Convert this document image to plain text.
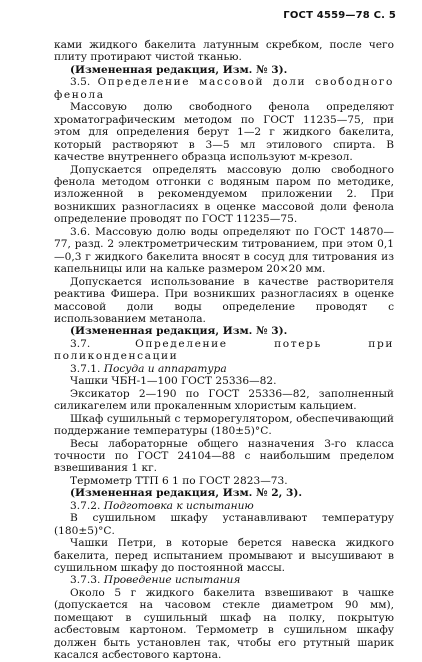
ГОСТ 4559—78 С. 5

ками жидкого бакелита латунным скребком, после чего плиту протирают чистой тканью.

(Измененная редакция, Изм. № 3).

3.5. Определение массовой доли свободного фенола

Массовую долю свободного фенола определяют хроматографическим методом по ГОСТ 11235—75, при этом для определения берут 1—2 г жидкого бакелита, который растворяют в 3—5 мл этилового спирта. В качестве внутреннего образца используют м-крезол.

Допускается определять массовую долю свободного фенола методом отгонки с водяным паром по методике, изложенной в рекомендуемом приложении 2. При возникших разногласиях в оценке массовой доли фенола определение проводят по ГОСТ 11235—75.

3.6. Массовую долю воды определяют по ГОСТ 14870—77, разд. 2 электрометрическим титрованием, при этом 0,1—0,3 г жидкого бакелита вносят в сосуд для титрования из капельницы или на кальке размером 20×20 мм.

Допускается использование в качестве растворителя реактива Фишера. При возникших разногласиях в оценке массовой доли воды определение проводят с использованием метанола.

(Измененная редакция, Изм. № 3).

3.7.	Определение потерь при поликонденсации

3.7.1. Посуда и аппаратура

Чашки ЧБН-1—100 ГОСТ 25336—82.

Эксикатор 2—190 по ГОСТ 25336—82, заполненный силикагелем или прокаленным хлористым кальцием.

Шкаф сушильный с терморегулятором, обеспечивающий поддержание температуры (180±5)°С.

Весы лабораторные общего назначения 3-го класса точности по ГОСТ 24104—88 с наибольшим пределом взвешивания 1 кг.

Термометр ТТП 6 1 по ГОСТ 2823—73.

(Измененная редакция, Изм. № 2, 3).

3.7.2. Подготовка к испытанию

В сушильном шкафу устанавливают температуру (180±5)°С.

Чашки Петри, в которые берется навеска жидкого бакелита, перед испытанием промывают и высушивают в сушильном шкафу до постоянной массы.

3.7.3. Проведение испытания

Около 5 г жидкого бакелита взвешивают в чашке (допускается на часовом стекле диаметром 90 мм), помещают в сушильный шкаф на полку, покрытую асбестовым картоном. Термометр в сушильном шкафу должен быть установлен так, чтобы его ртутный шарик касался асбестового картона.
